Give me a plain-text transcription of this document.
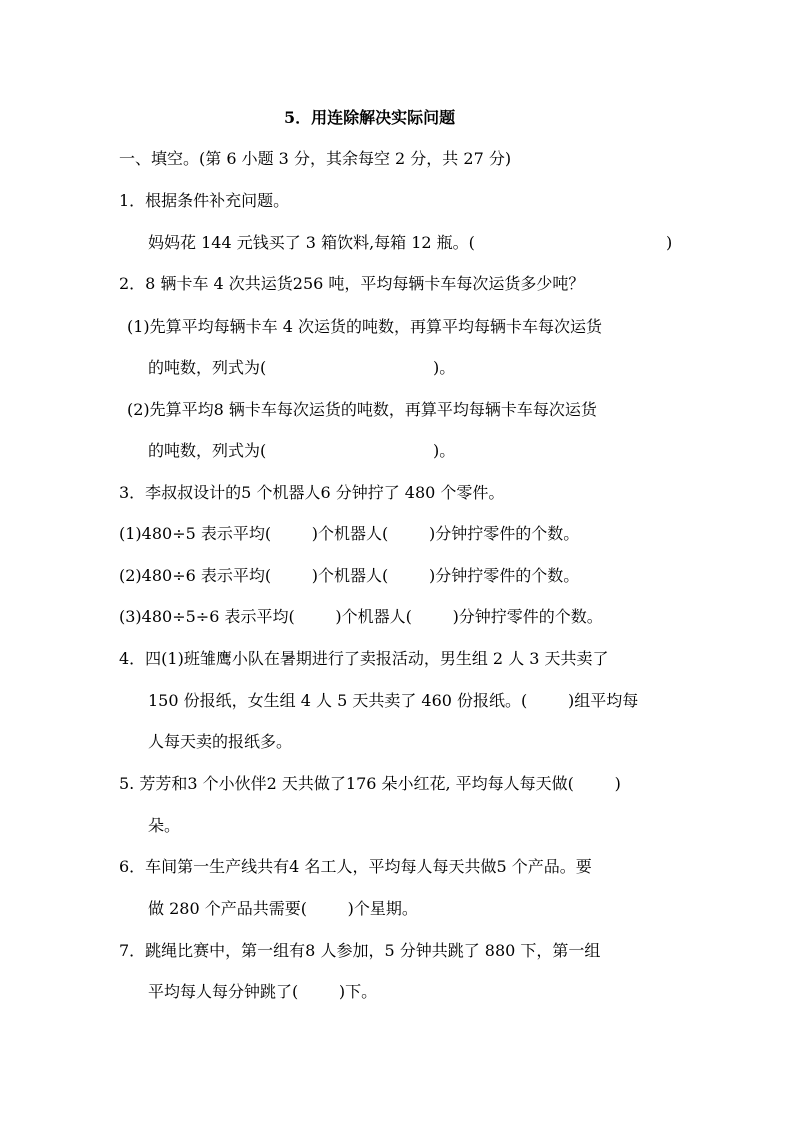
5．用连除解决实际问题
一、填空。(第 6 小题 3 分，其余每空 2 分，共 27 分)
1．根据条件补充问题。
妈妈花 144 元钱买了 3 箱饮料,每箱 12 瓶。(	)
2．8 辆卡车 4 次共运货256 吨，平均每辆卡车每次运货多少吨？
(1)先算平均每辆卡车 4 次运货的吨数，再算平均每辆卡车每次运货
的吨数，列式为(	)。
(2)先算平均8 辆卡车每次运货的吨数，再算平均每辆卡车每次运货
的吨数，列式为(	)。
3．李叔叔设计的5 个机器人6 分钟拧了 480 个零件。
(1)480÷5 表示平均(        )个机器人(        )分钟拧零件的个数。
(2)480÷6 表示平均(        )个机器人(        )分钟拧零件的个数。
(3)480÷5÷6 表示平均(        )个机器人(        )分钟拧零件的个数。
4．四(1)班雏鹰小队在暑期进行了卖报活动，男生组 2 人 3 天共卖了
150 份报纸，女生组 4 人 5 天共卖了 460 份报纸。(        )组平均每
人每天卖的报纸多。
5. 芳芳和3 个小伙伴2 天共做了176 朵小红花, 平均每人每天做(        )
朵。
6．车间第一生产线共有4 名工人，平均每人每天共做5 个产品。要
做 280 个产品共需要(        )个星期。
7．跳绳比赛中，第一组有8 人参加，5 分钟共跳了 880 下，第一组
平均每人每分钟跳了(        )下。
